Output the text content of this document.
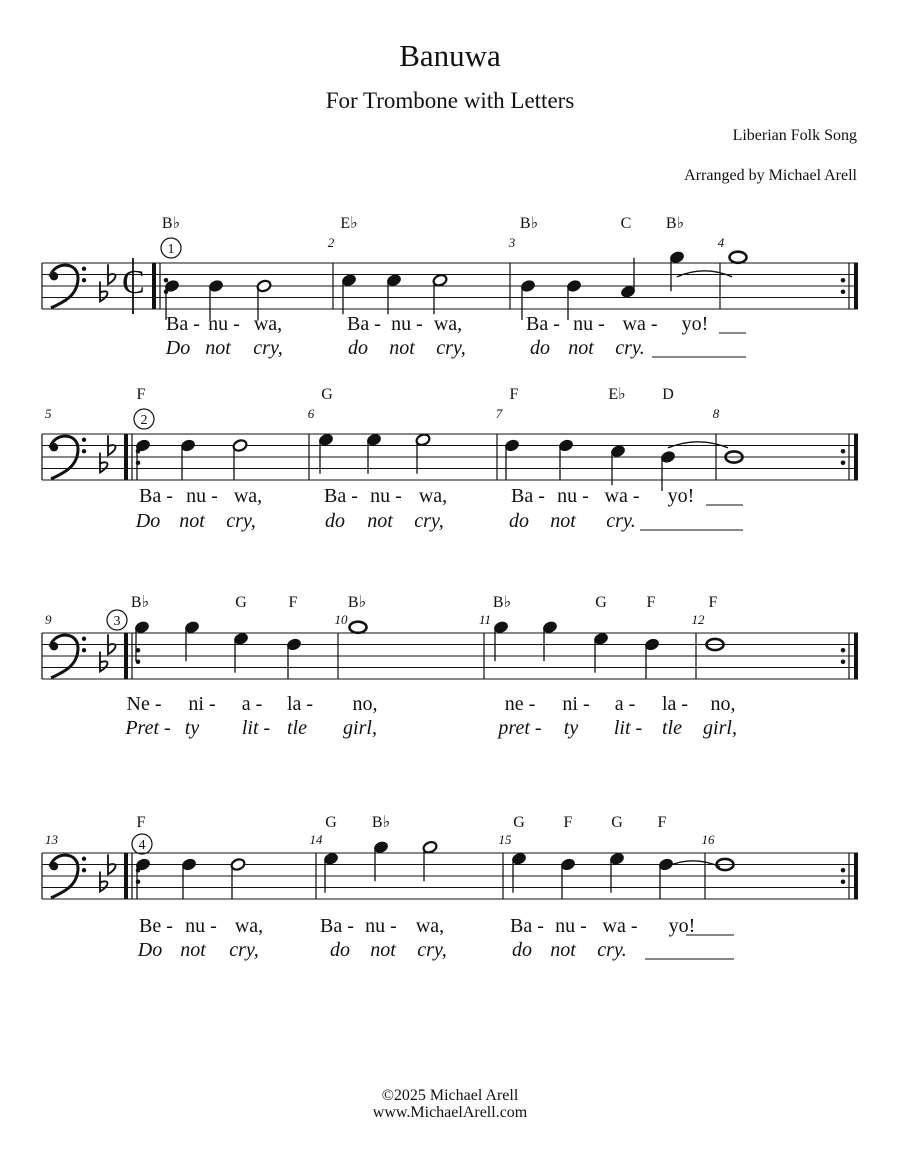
Banuwa
For Trombone with Letters
Liberian Folk Song
Arranged by Michael Arell
C
B♭	E♭	B♭	C B♭
1	2	3	4
Ba - nu - wa,	Ba - nu - wa,	Ba - nu - wa - yo!
Do not cry,	do not cry,	do not cry.
F	G	F	E♭ D
2
5	6	7	8
Ba - nu - wa,	Ba - nu - wa,	Ba - nu - wa - yo!
Do not cry,	do not cry,	do not cry.
B♭	G	F	B♭	B♭	G F	F
3
9	10	11	12
Ne - ni - a - la - no,	ne - ni - a - la - no,
Pret - ty lit - tle girl,	pret - ty lit - tle girl,
F	G B♭	G F G F
4
13	14	15	16
Be - nu - wa,	Ba - nu - wa,	Ba - nu - wa - yo!
Do not cry,	do not cry,	do not cry.
©2025 Michael Arell
www.MichaelArell.com
